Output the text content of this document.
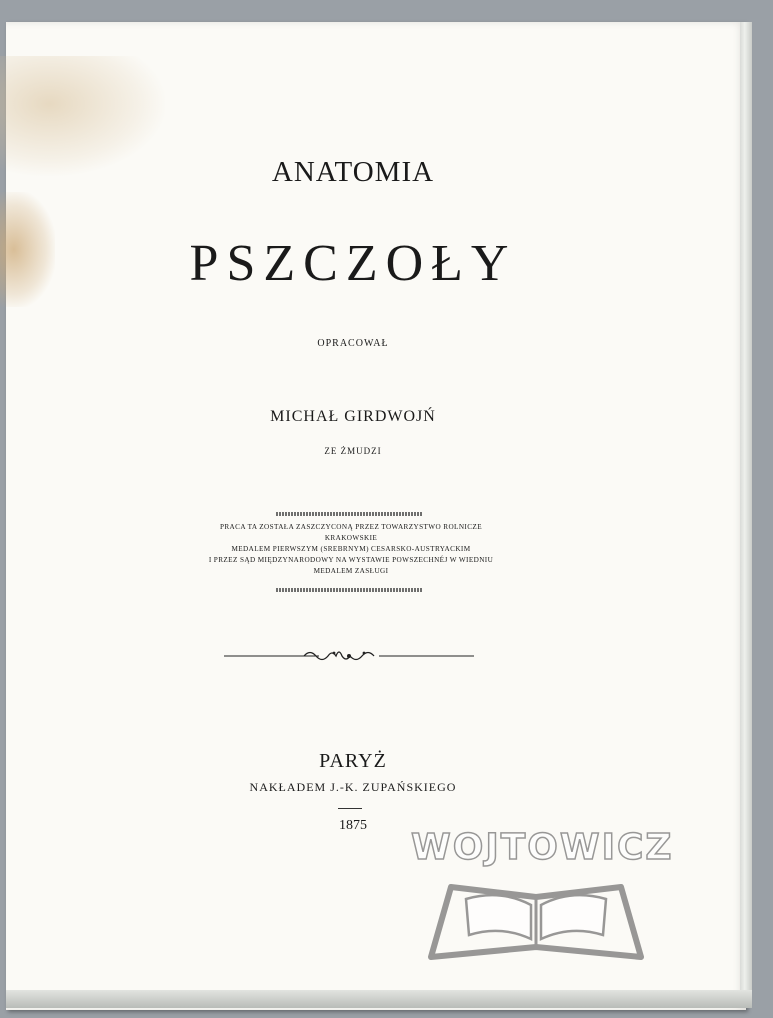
ANATOMIA
PSZCZOŁY
OPRACOWAŁ
MICHAŁ GIRDWOJŃ
ZE ŻMUDZI
PRACA TA ZOSTAŁA ZASZCZYCONĄ PRZEZ TOWARZYSTWO ROLNICZE KRAKOWSKIE
MEDALEM PIERWSZYM (SREBRNYM) CESARSKO-AUSTRYACKIM
I PRZEZ SĄD MIĘDZYNARODOWY NA WYSTAWIE POWSZECHNÉJ W WIEDNIU
MEDALEM ZASŁUGI
PARYŻ
NAKŁADEM J.-K. ZUPAŃSKIEGO
1875
WOJTOWICZ
